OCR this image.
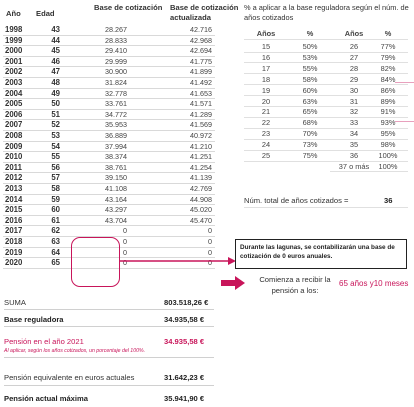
Año Edad
Base de cotización Base de cotización actualizada
1998	43	28.267	42.716
1999	44	28.833	42.968
2000	45	29.410	42.694
2001	46	29.999	41.775
2002	47	30.900	41.899
2003	48	31.824	41.492
2004	49	32.778	41.653
2005	50	33.761	41.571
2006	51	34.772	41.289
2007	52	35.953	41.569
2008	53	36.889	40.972
2009	54	37.994	41.210
2010	55	38.374	41.251
2011	56	38.761	41.254
2012	57	39.150	41.139
2013	58	41.108	42.769
2014	59	43.164	44.908
2015	60	43.297	45.020
2016	61	43.704	45.470
2017	62	0	0
2018	63	0	0
2019	64	0	0
2020	65	0	0
Durante las lagunas, se contabilizarán una base de cotización de 0 euros anuales.
Comienza a recibir la
pensión a los:
65 años y10 meses
SUMA	803.518,26 €
Base reguladora	34.935,58 €
Pensión en el año 2021	34.935,58 €
Al aplicar, según los años cotizados, un porcentaje del 100%.
Pensión equivalente en euros actuales	31.642,23 €
Pensión actual máxima	35.941,90 €
% a aplicar a la base reguladora según el núm. de años cotizados
Años	%	Años	%
15	50%	26	77%
16	53%	27	79%
17	55%	28	82%
18	58%	29	84%
19	60%	30	86%
20	63%	31	89%
21	65%	32	91%
22	68%	33	93%
23	70%	34	95%
24	73%	35	98%
25	75%	36	100%
37 o más	100%
Núm. total de años cotizados =	36
